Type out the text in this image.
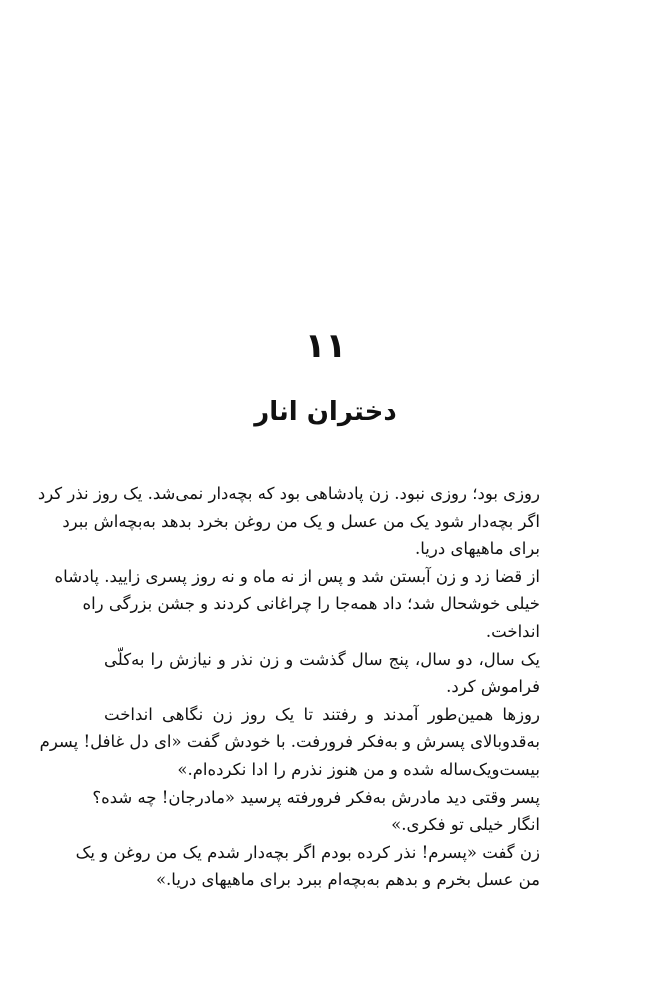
۱۱
دختران انار
روزی بود؛ روزی نبود. زن پادشاهی بود که بچه‌دار نمی‌شد. یک روز نذر کرد
اگر بچه‌دار شود یک من عسل و یک من روغن بخرد بدهد به‌بچه‌اش ببرد
برای ماهیهای دریا.
از قضا زد و زن آبستن شد و پس از نه ماه و نه روز پسری زایید. پادشاه
خیلی خوشحال شد؛ داد همه‌جا را چراغانی کردند و جشن بزرگی راه
انداخت.
یک سال، دو سال، پنج سال گذشت و زن نذر و نیازش را به‌کلّی
فراموش کرد.
روزها همین‌طور آمدند و رفتند تا یک روز زن نگاهی انداخت
به‌قدوبالای پسرش و به‌فکر فرورفت. با خودش گفت «ای دل غافل! پسرم
بیست‌ویک‌ساله شده و من هنوز نذرم را ادا نکرده‌ام.»
پسر وقتی دید مادرش به‌فکر فرورفته پرسید «مادرجان! چه شده؟
انگار خیلی تو فکری.»
زن گفت «پسرم! نذر کرده بودم اگر بچه‌دار شدم یک من روغن و یک
من عسل بخرم و بدهم به‌بچه‌ام ببرد برای ماهیهای دریا.»
